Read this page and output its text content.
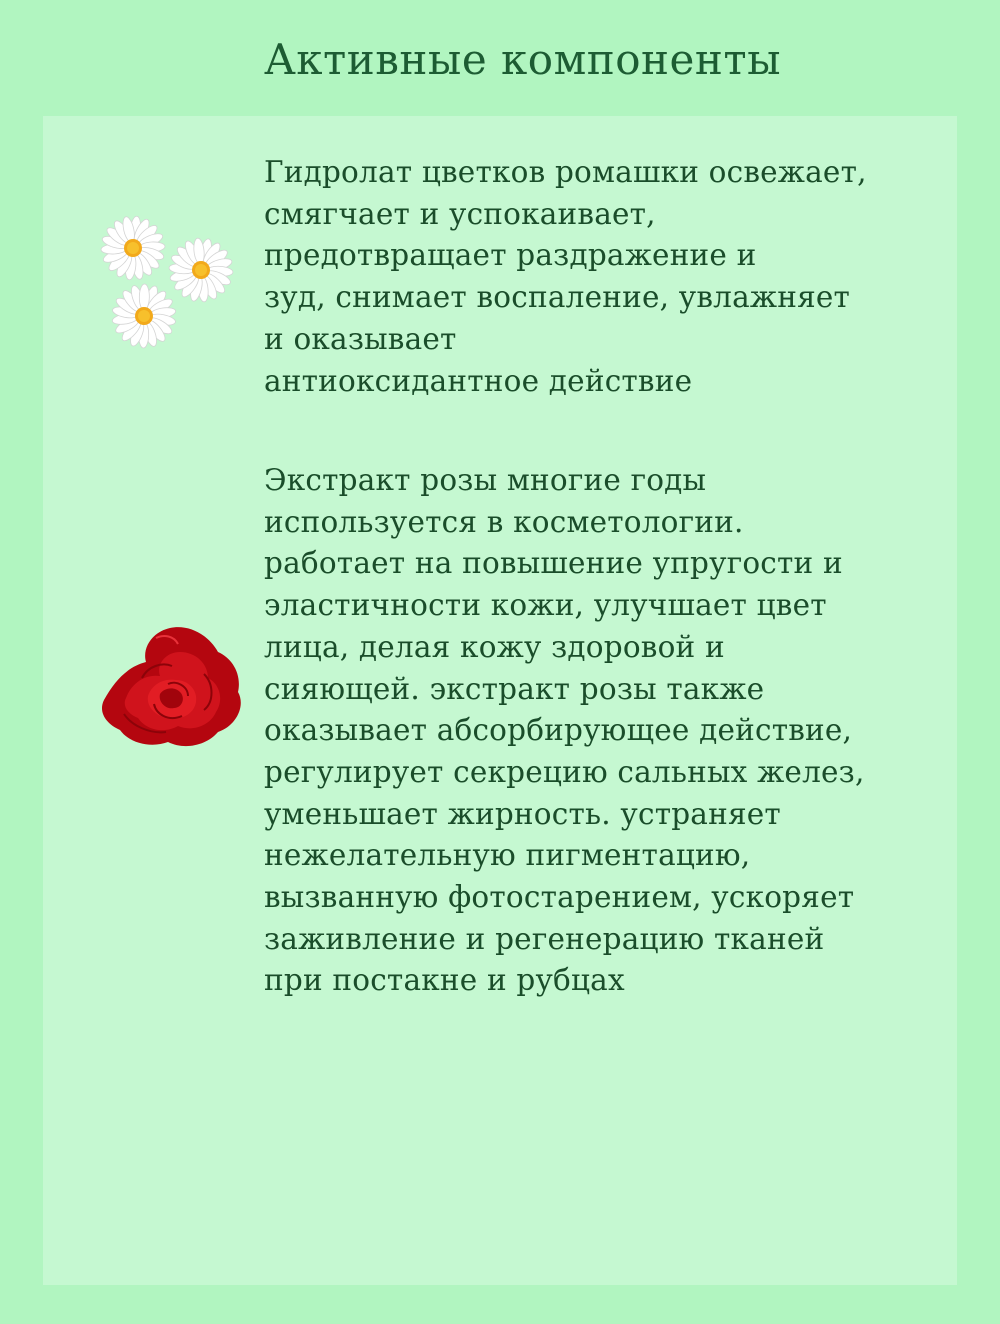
Активные компоненты
Гидролат цветков ромашки освежает,
смягчает и успокаивает,
предотвращает раздражение и
зуд, снимает воспаление, увлажняет
и оказывает
антиоксидантное действие
Экстракт розы многие годы
используется в косметологии.
работает на повышение упругости и
эластичности кожи, улучшает цвет
лица, делая кожу здоровой и
сияющей. экстракт розы также
оказывает абсорбирующее действие,
регулирует секрецию сальных желез,
уменьшает жирность. устраняет
нежелательную пигментацию,
вызванную фотостарением, ускоряет
заживление и регенерацию тканей
при постакне и рубцах
